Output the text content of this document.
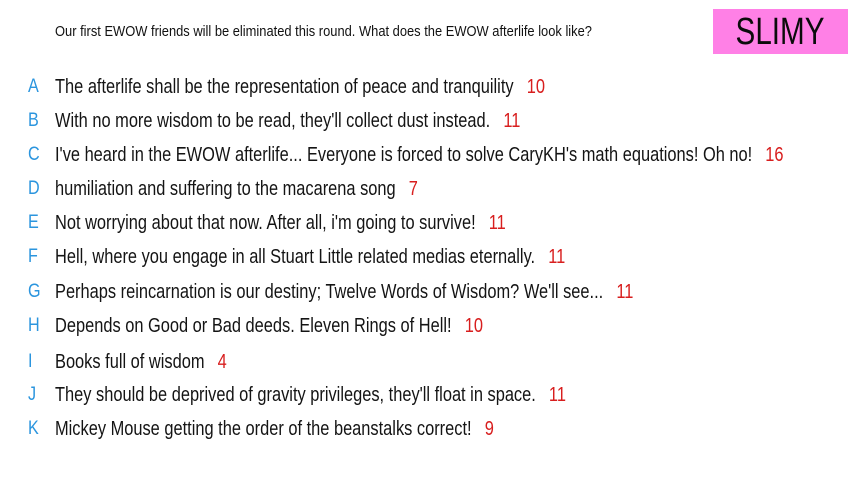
Our first EWOW friends will be eliminated this round. What does the EWOW afterlife look like?	SLIMY
A The afterlife shall be the representation of peace and tranquility 10
B With no more wisdom to be read, they'll collect dust instead. 11
C I've heard in the EWOW afterlife... Everyone is forced to solve CaryKH's math equations! Oh no! 16
D humiliation and suffering to the macarena song 7
E Not worrying about that now. After all, i'm going to survive! 11
F Hell, where you engage in all Stuart Little related medias eternally. 11
G Perhaps reincarnation is our destiny; Twelve Words of Wisdom? We'll see... 11
H Depends on Good or Bad deeds. Eleven Rings of Hell! 10
I	Books full of wisdom 4
J They should be deprived of gravity privileges, they'll float in space. 11
K Mickey Mouse getting the order of the beanstalks correct! 9
